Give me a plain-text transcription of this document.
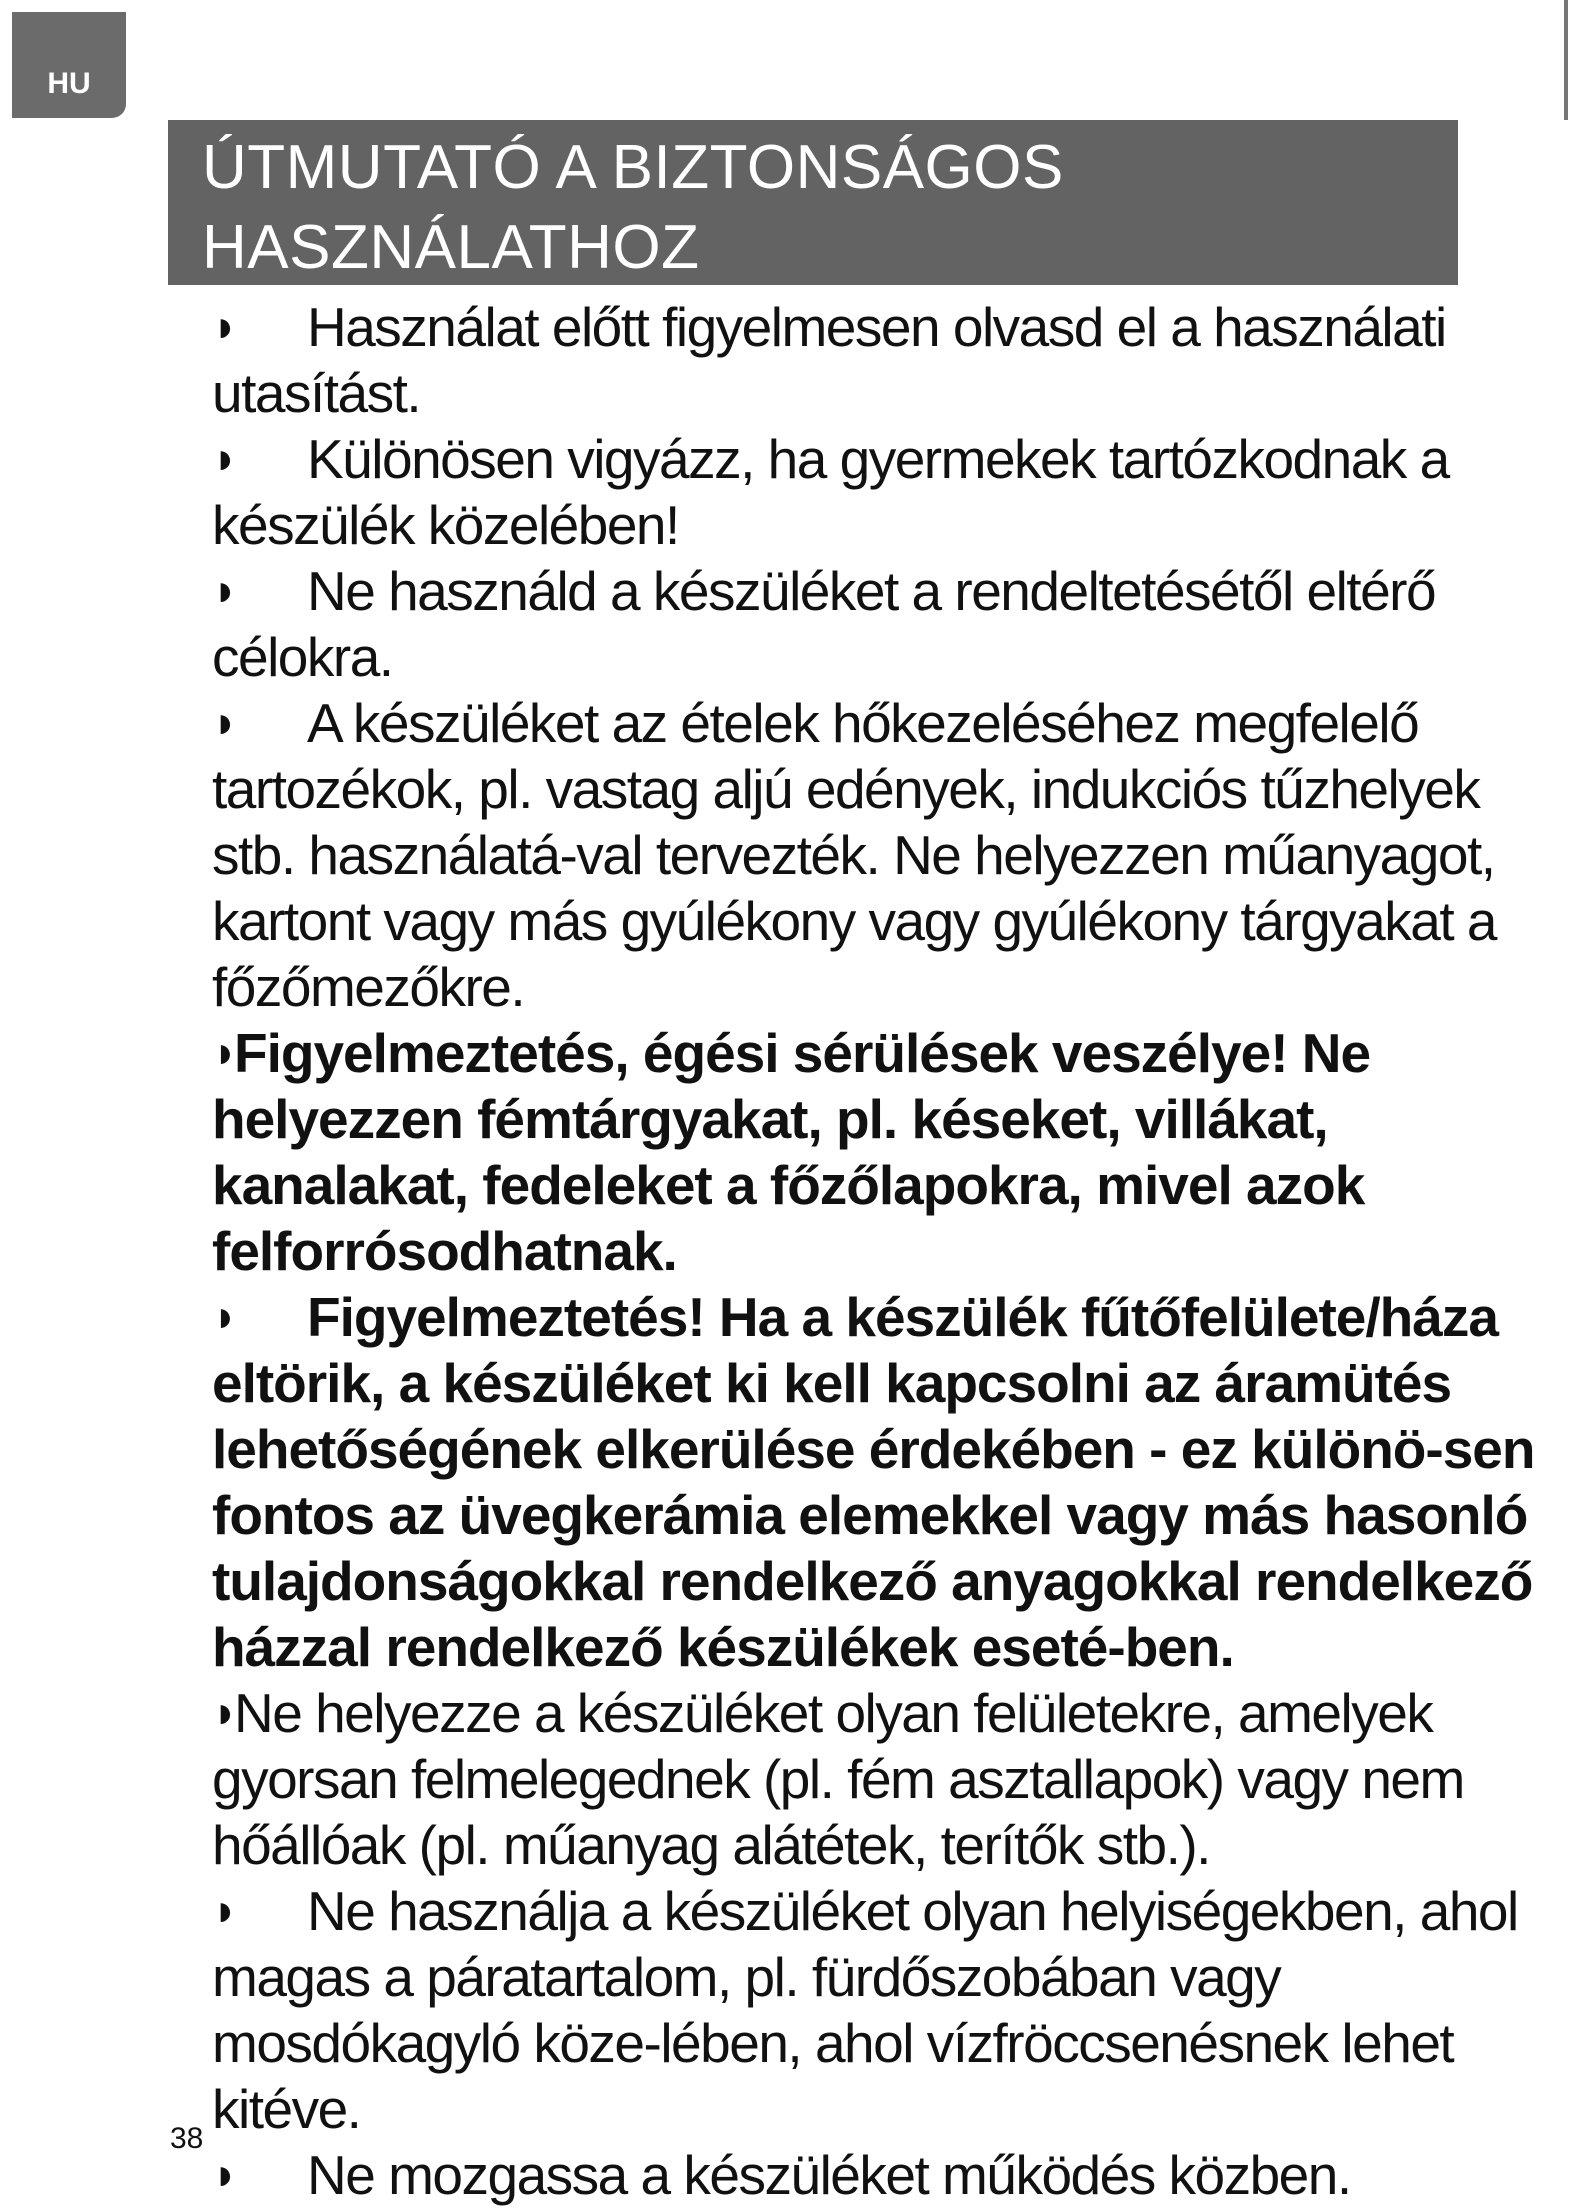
HU
ÚTMUTATÓ A BIZTONSÁGOS
HASZNÁLATHOZ

◗ Használat előtt figyelmesen olvasd el a használati utasítást.

◗ Különösen vigyázz, ha gyermekek tartózkodnak a készülék közelében!

◗ Ne használd a készüléket a rendeltetésétől eltérő célokra.

◗ A készüléket az ételek hőkezeléséhez megfelelő tartozékok, pl. vastag aljú edények, indukciós tűzhelyek stb. használatá-val tervezték. Ne helyezzen műanyagot, kartont vagy más gyúlékony vagy gyúlékony tárgyakat a főzőmezőkre.

◗Figyelmeztetés, égési sérülések veszélye! Ne helyezzen fémtárgyakat, pl. késeket, villákat, kanalakat, fedeleket a főzőlapokra, mivel azok felforrósodhatnak.

◗ Figyelmeztetés! Ha a készülék fűtőfelülete/háza eltörik, a készüléket ki kell kapcsolni az áramütés lehetőségének elkerülése érdekében - ez különö-sen fontos az üvegkerámia elemekkel vagy más hasonló tulajdonságokkal rendelkező anyagokkal rendelkező házzal rendelkező készülékek eseté-ben.

◗Ne helyezze a készüléket olyan felületekre, amelyek gyorsan felmelegednek (pl. fém asztallapok) vagy nem hőállóak (pl. műanyag alátétek, terítők stb.).

◗ Ne használja a készüléket olyan helyiségekben, ahol magas a páratartalom, pl. fürdőszobában vagy mosdókagyló köze-lében, ahol vízfröccsenésnek lehet kitéve.

◗ Ne mozgassa a készüléket működés közben.

38
